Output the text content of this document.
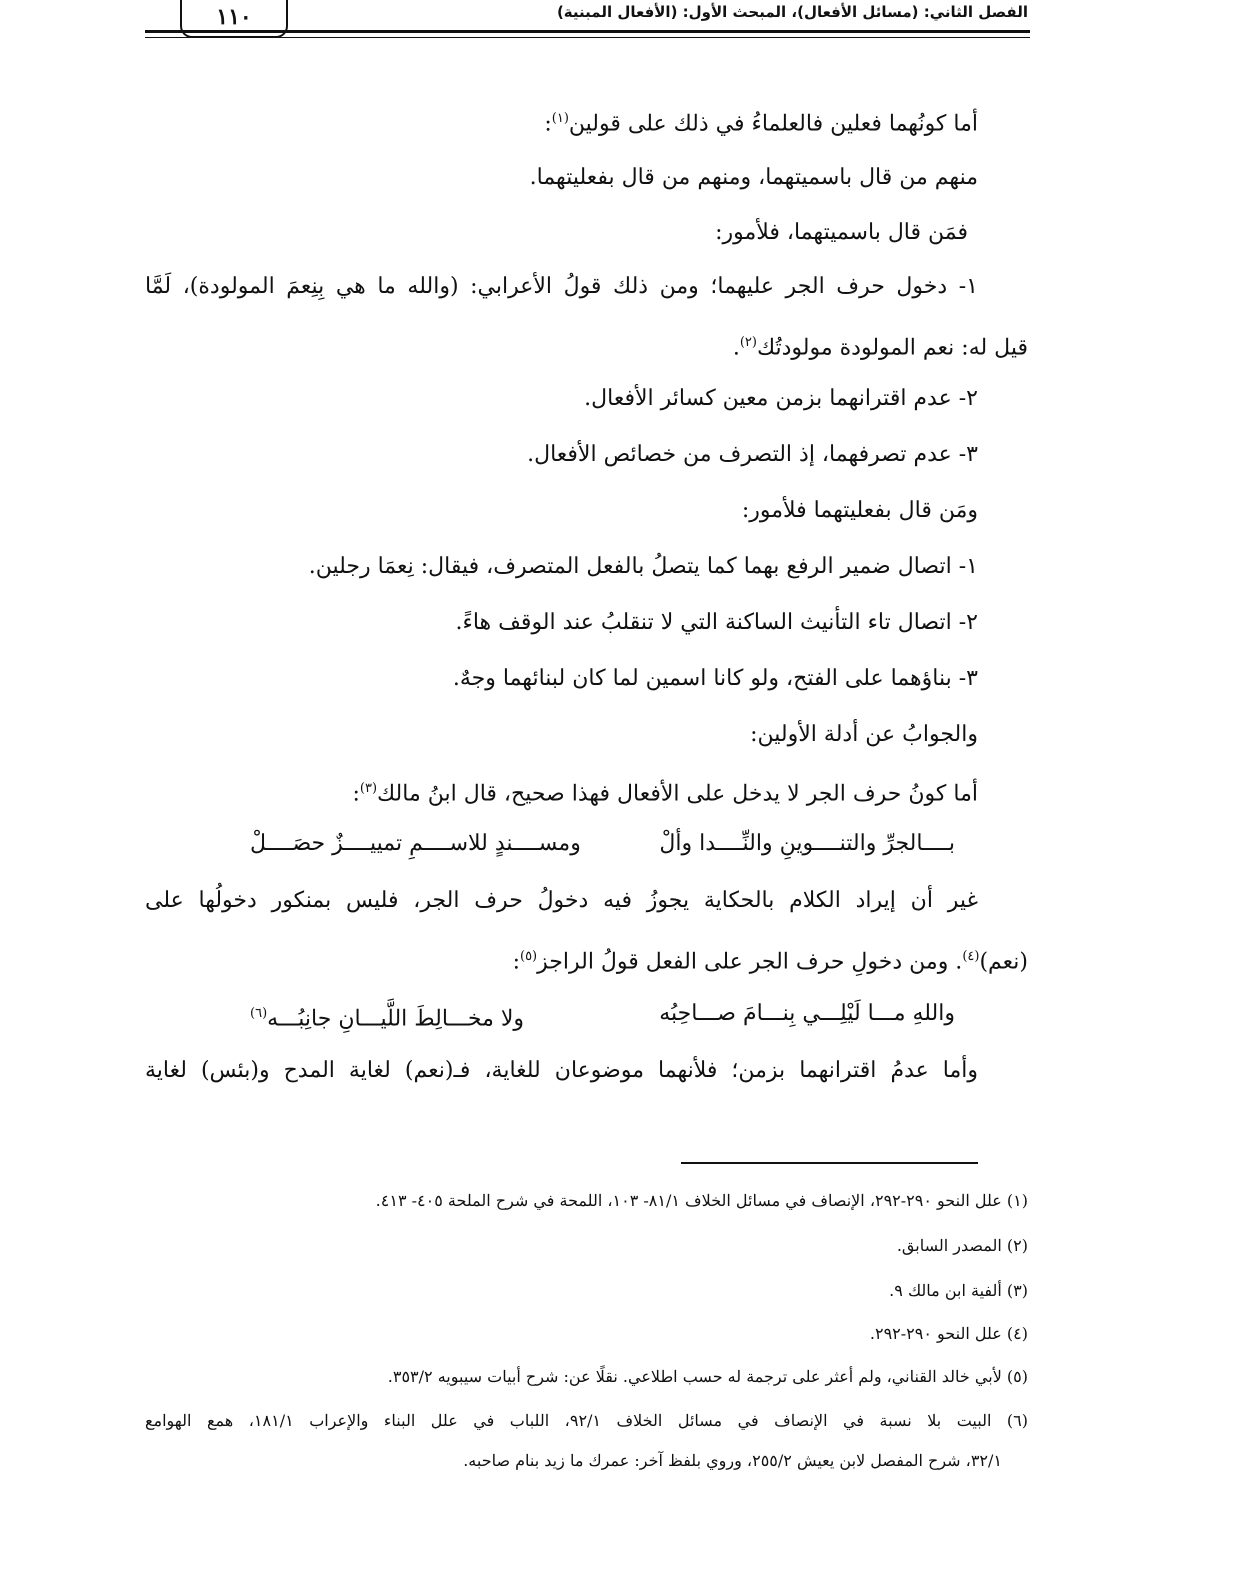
الفصل الثاني: (مسائل الأفعال)، المبحث الأول: (الأفعال المبنية)
١١٠
أما كونُهما فعلين فالعلماءُ في ذلك على قولين$^{(١)}$:
منهم من قال باسميتهما، ومنهم من قال بفعليتهما.
فمَن قال باسميتهما، فلأمور:
١- دخول حرف الجر عليهما؛ ومن ذلك قولُ الأعرابي: (والله ما هي بِنِعمَ المولودة)، لَمَّا
قيل له: نعم المولودة مولودتُك$^{(٢)}$.
٢- عدم اقترانهما بزمن معين كسائر الأفعال.
٣- عدم تصرفهما، إذ التصرف من خصائص الأفعال.
ومَن قال بفعليتهما فلأمور:
١- اتصال ضمير الرفع بهما كما يتصلُ بالفعل المتصرف، فيقال: نِعمَا رجلين.
٢- اتصال تاء التأنيث الساكنة التي لا تنقلبُ عند الوقف هاءً.
٣- بناؤهما على الفتح، ولو كانا اسمين لما كان لبنائهما وجهٌ.
والجوابُ عن أدلة الأولين:
أما كونُ حرف الجر لا يدخل على الأفعال فهذا صحيح، قال ابنُ مالك$^{(٣)}$:
بــــالجرِّ والتنــــوينِ والنِّــــدا وألْ
ومســــندٍ للاســــمِ تمييــــزٌ حصَــــلْ
غير أن إيراد الكلام بالحكاية يجوزُ فيه دخولُ حرف الجر، فليس بمنكور دخولُها على
(نعم)$^{(٤)}$. ومن دخولِ حرف الجر على الفعل قولُ الراجز$^{(٥)}$:
واللهِ مـــا لَيْلِـــي بِنـــامَ صـــاحِبُه
ولا مخـــالِطَ اللَّيـــانِ جانِبُـــه$^{(٦)}$
وأما عدمُ اقترانهما بزمن؛ فلأنهما موضوعان للغاية، فـ(نعم) لغاية المدح و(بئس) لغاية
(١) علل النحو ٢٩٠-٢٩٢، الإنصاف في مسائل الخلاف ٨١/١- ١٠٣، اللمحة في شرح الملحة ٤٠٥- ٤١٣.
(٢) المصدر السابق.
(٣) ألفية ابن مالك ٩.
(٤) علل النحو ٢٩٠-٢٩٢.
(٥) لأبي خالد القناني، ولم أعثر على ترجمة له حسب اطلاعي. نقلًا عن: شرح أبيات سيبويه ٣٥٣/٢.
(٦) البيت بلا نسبة في الإنصاف في مسائل الخلاف ٩٢/١، اللباب في علل البناء والإعراب ١٨١/١، همع الهوامع
٣٢/١، شرح المفصل لابن يعيش ٢٥٥/٢، وروي بلفظ آخر: عمرك ما زيد بنام صاحبه.
